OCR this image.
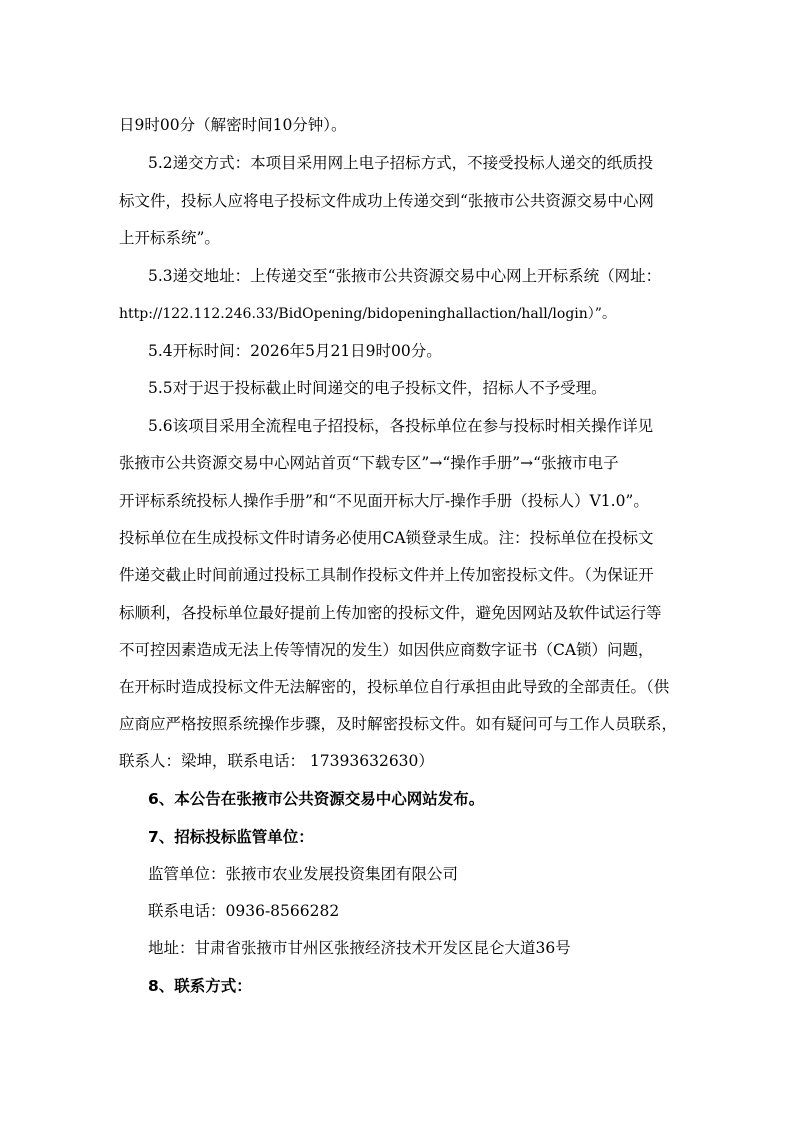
日9时00分（解密时间10分钟）。
5.2递交方式：本项目采用网上电子招标方式，不接受投标人递交的纸质投
标文件，投标人应将电子投标文件成功上传递交到“张掖市公共资源交易中心网
上开标系统”。
5.3递交地址：上传递交至“张掖市公共资源交易中心网上开标系统（网址：
http://122.112.246.33/BidOpening/bidopeninghallaction/hall/login）”。
5.4开标时间：2026年5月21日9时00分。
5.5对于迟于投标截止时间递交的电子投标文件，招标人不予受理。
5.6该项目采用全流程电子招投标，各投标单位在参与投标时相关操作详见
张掖市公共资源交易中心网站首页“下载专区”→“操作手册”→“张掖市电子
开评标系统投标人操作手册”和“不见面开标大厅-操作手册（投标人）V1.0”。
投标单位在生成投标文件时请务必使用CA锁登录生成。注：投标单位在投标文
件递交截止时间前通过投标工具制作投标文件并上传加密投标文件。（为保证开
标顺利，各投标单位最好提前上传加密的投标文件，避免因网站及软件试运行等
不可控因素造成无法上传等情况的发生）如因供应商数字证书（CA锁）问题，
在开标时造成投标文件无法解密的，投标单位自行承担由此导致的全部责任。（供
应商应严格按照系统操作步骤，及时解密投标文件。如有疑问可与工作人员联系，
联系人：梁坤，联系电话： 17393632630）
6、本公告在张掖市公共资源交易中心网站发布。
7、招标投标监管单位：
监管单位：张掖市农业发展投资集团有限公司
联系电话：0936-8566282
地址：甘肃省张掖市甘州区张掖经济技术开发区昆仑大道36号
8、联系方式：
